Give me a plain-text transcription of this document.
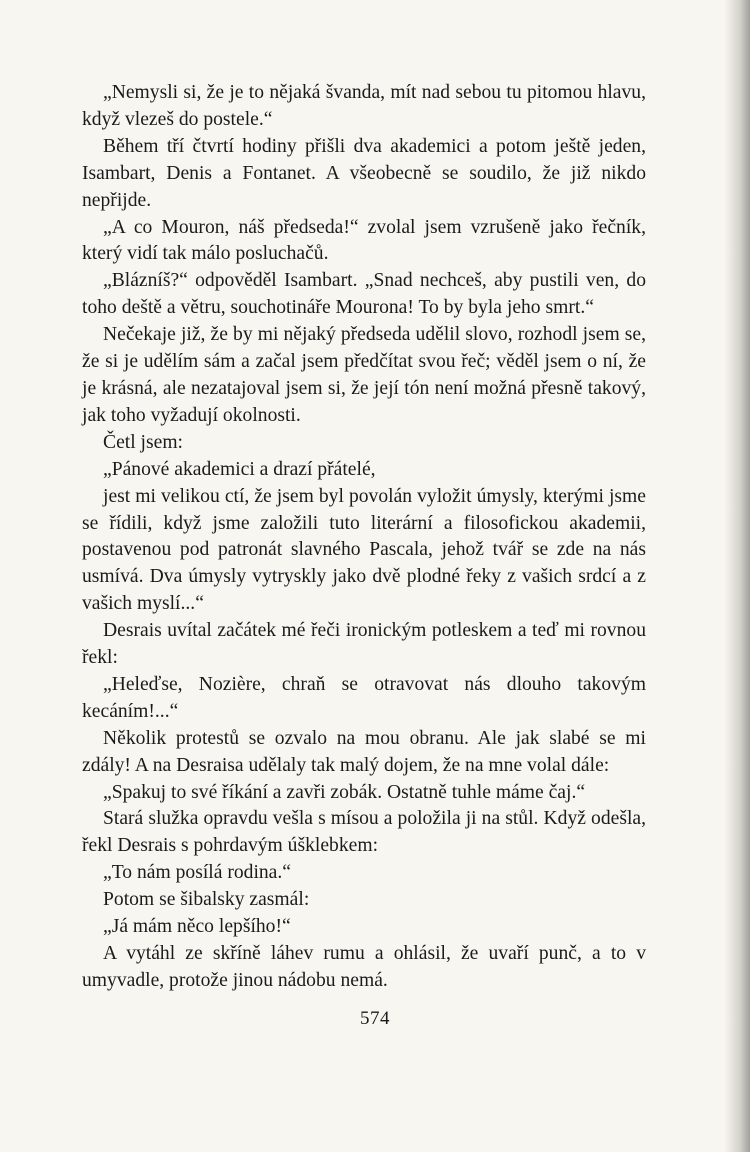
„Nemysli si, že je to nějaká švanda, mít nad sebou tu pitomou hlavu, když vlezeš do postele.“

Během tří čtvrtí hodiny přišli dva akademici a potom ještě jeden, Isambart, Denis a Fontanet. A všeobecně se soudilo, že již nikdo nepřijde.

„A co Mouron, náš předseda!“ zvolal jsem vzrušeně jako řečník, který vidí tak málo posluchačů.

„Blázníš?“ odpověděl Isambart. „Snad nechceš, aby pustili ven, do toho deště a větru, souchotináře Mourona! To by byla jeho smrt.“

Nečekaje již, že by mi nějaký předseda udělil slovo, rozhodl jsem se, že si je udělím sám a začal jsem předčítat svou řeč; věděl jsem o ní, že je krásná, ale nezatajoval jsem si, že její tón není možná přesně takový, jak toho vyžadují okolnosti.

Četl jsem:

„Pánové akademici a drazí přátelé,

jest mi velikou ctí, že jsem byl povolán vyložit úmysly, kterými jsme se řídili, když jsme založili tuto literární a filosofickou akademii, postavenou pod patronát slavného Pascala, jehož tvář se zde na nás usmívá. Dva úmysly vytryskly jako dvě plodné řeky z vašich srdcí a z vašich myslí...“

Desrais uvítal začátek mé řeči ironickým potleskem a teď mi rovnou řekl:

„Heleďse, Nozière, chraň se otravovat nás dlouho takovým kecáním!...“

Několik protestů se ozvalo na mou obranu. Ale jak slabé se mi zdály! A na Desraisa udělaly tak malý dojem, že na mne volal dále:

„Spakuj to své říkání a zavři zobák. Ostatně tuhle máme čaj.“

Stará služka opravdu vešla s mísou a položila ji na stůl. Když odešla, řekl Desrais s pohrdavým úšklebkem:

„To nám posílá rodina.“

Potom se šibalsky zasmál:

„Já mám něco lepšího!“

A vytáhl ze skříně láhev rumu a ohlásil, že uvaří punč, a to v umyvadle, protože jinou nádobu nemá.

574
